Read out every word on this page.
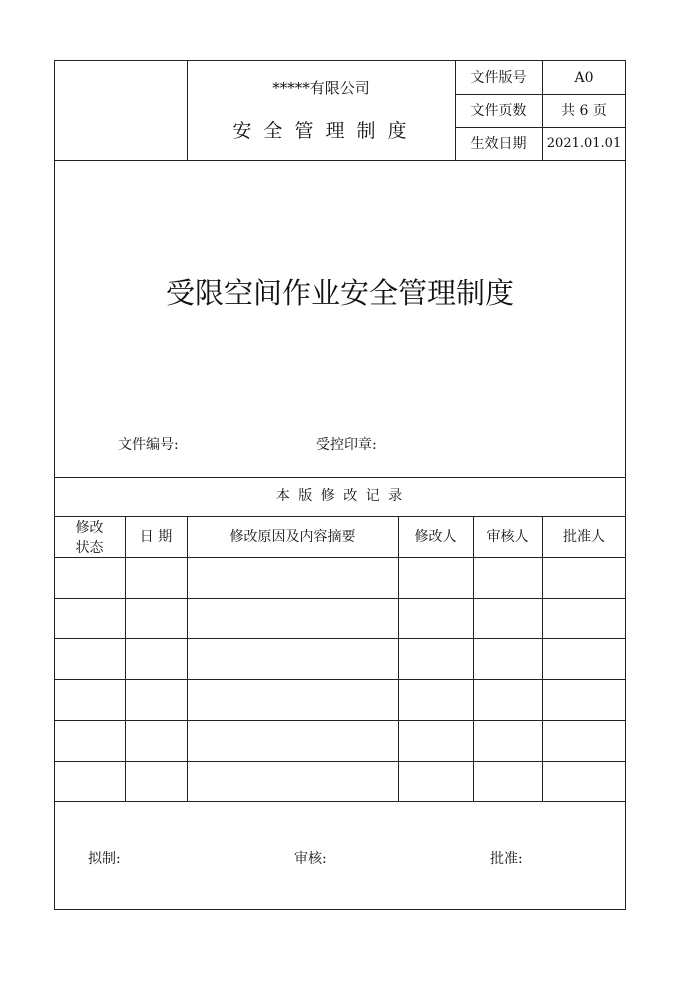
*****有限公司
安 全 管 理 制 度
文件版号	A0
文件页数	共 6 页
生效日期	2021.01.01
受限空间作业安全管理制度
文件编号:	受控印章:
本 版 修 改 记 录
修改
状态
日 期	修改原因及内容摘要	修改人	审核人	批准人
拟制:	审核:	批准:
